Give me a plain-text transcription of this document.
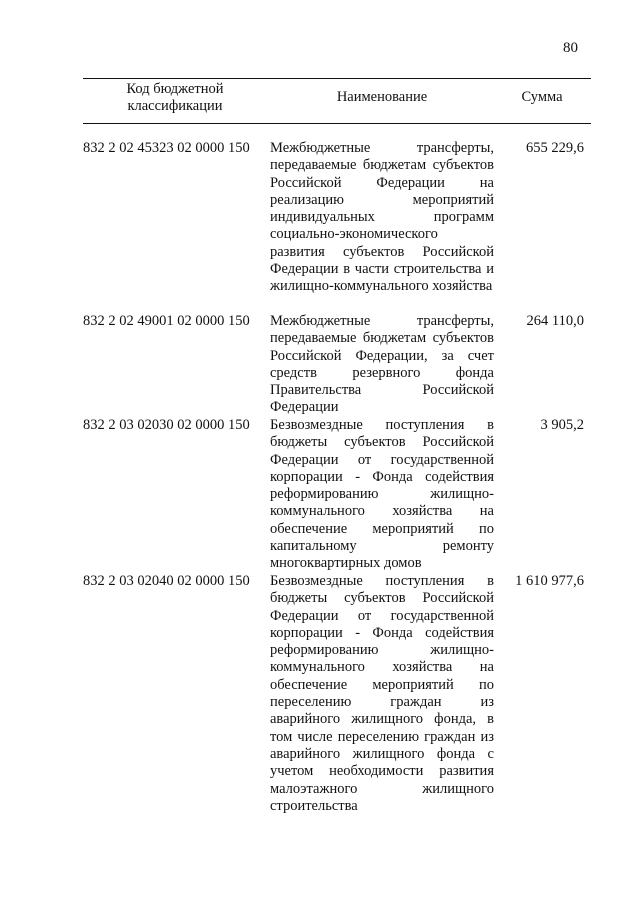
80
Код бюджетной классификации
Наименование	Сумма
832 2 02 45323 02 0000 150 Межбюджетные трансферты, передаваемые бюджетам субъектов Российской Федерации на реализацию мероприятий индивидуальных программ социально-экономического развития субъектов Российской Федерации в части строительства и жилищно-коммунального хозяйства
655 229,6
832 2 02 49001 02 0000 150 Межбюджетные трансферты, передаваемые бюджетам субъектов Российской Федерации, за счет средств резервного фонда Правительства Российской Федерации
264 110,0
832 2 03 02030 02 0000 150 Безвозмездные поступления в бюджеты субъектов Российской Федерации от государственной корпорации - Фонда содействия реформированию жилищно-коммунального хозяйства на обеспечение мероприятий по капитальному ремонту многоквартирных домов
3 905,2
832 2 03 02040 02 0000 150 Безвозмездные поступления в бюджеты субъектов Российской Федерации от государственной корпорации - Фонда содействия реформированию жилищно-коммунального хозяйства на обеспечение мероприятий по переселению граждан из аварийного жилищного фонда, в том числе переселению граждан из аварийного жилищного фонда с учетом необходимости развития малоэтажного жилищного строительства
1 610 977,6
